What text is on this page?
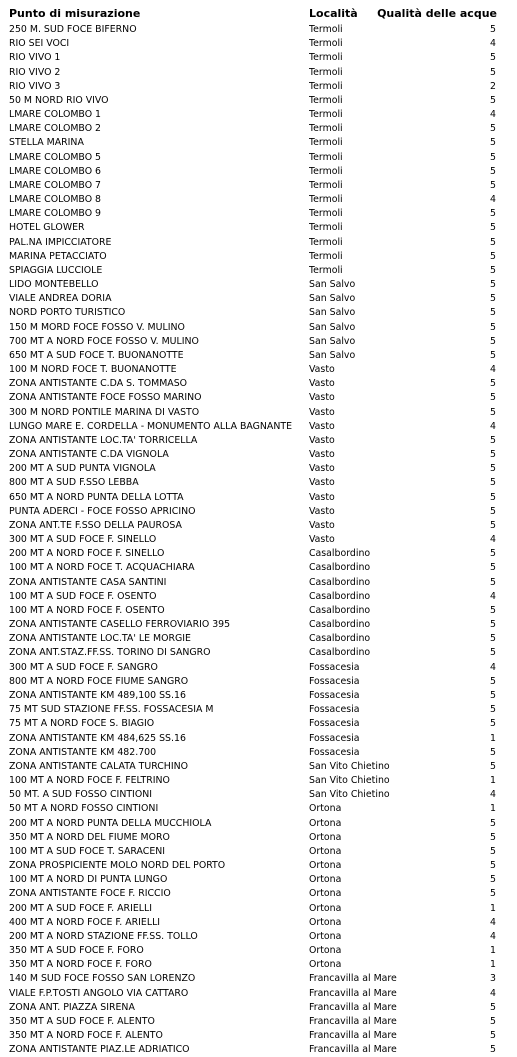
Punto di misurazione	Località	Qualità delle acque
250 M. SUD FOCE BIFERNO	Termoli	5
RIO SEI VOCI	Termoli	4
RIO VIVO 1	Termoli	5
RIO VIVO 2	Termoli	5
RIO VIVO 3	Termoli	2
50 M NORD RIO VIVO	Termoli	5
LMARE COLOMBO 1	Termoli	4
LMARE COLOMBO 2	Termoli	5
STELLA MARINA	Termoli	5
LMARE COLOMBO 5	Termoli	5
LMARE COLOMBO 6	Termoli	5
LMARE COLOMBO 7	Termoli	5
LMARE COLOMBO 8	Termoli	4
LMARE COLOMBO 9	Termoli	5
HOTEL GLOWER	Termoli	5
PAL.NA IMPICCIATORE	Termoli	5
MARINA PETACCIATO	Termoli	5
SPIAGGIA LUCCIOLE	Termoli	5
LIDO MONTEBELLO	San Salvo	5
VIALE ANDREA DORIA	San Salvo	5
NORD PORTO TURISTICO	San Salvo	5
150 M MORD FOCE FOSSO V. MULINO	San Salvo	5
700 MT A NORD FOCE FOSSO V. MULINO	San Salvo	5
650 MT A SUD FOCE T. BUONANOTTE	San Salvo	5
100 M NORD FOCE T. BUONANOTTE	Vasto	4
ZONA ANTISTANTE C.DA S. TOMMASO	Vasto	5
ZONA ANTISTANTE FOCE FOSSO MARINO	Vasto	5
300 M NORD PONTILE MARINA DI VASTO	Vasto	5
LUNGO MARE E. CORDELLA - MONUMENTO ALLA BAGNANTE	Vasto	4
ZONA ANTISTANTE LOC.TA' TORRICELLA	Vasto	5
ZONA ANTISTANTE C.DA VIGNOLA	Vasto	5
200 MT A SUD PUNTA VIGNOLA	Vasto	5
800 MT A SUD F.SSO LEBBA	Vasto	5
650 MT A NORD PUNTA DELLA LOTTA	Vasto	5
PUNTA ADERCI - FOCE FOSSO APRICINO	Vasto	5
ZONA ANT.TE F.SSO DELLA PAUROSA	Vasto	5
300 MT A SUD FOCE F. SINELLO	Vasto	4
200 MT A NORD FOCE F. SINELLO	Casalbordino	5
100 MT A NORD FOCE T. ACQUACHIARA	Casalbordino	5
ZONA ANTISTANTE CASA SANTINI	Casalbordino	5
100 MT A SUD FOCE F. OSENTO	Casalbordino	4
100 MT A NORD FOCE F. OSENTO	Casalbordino	5
ZONA ANTISTANTE CASELLO FERROVIARIO 395	Casalbordino	5
ZONA ANTISTANTE LOC.TA' LE MORGIE	Casalbordino	5
ZONA ANT.STAZ.FF.SS. TORINO DI SANGRO	Casalbordino	5
300 MT A SUD FOCE F. SANGRO	Fossacesia	4
800 MT A NORD FOCE FIUME SANGRO	Fossacesia	5
ZONA ANTISTANTE KM 489,100 SS.16	Fossacesia	5
75 MT SUD STAZIONE FF.SS. FOSSACESIA M	Fossacesia	5
75 MT A NORD FOCE S. BIAGIO	Fossacesia	5
ZONA ANTISTANTE KM 484,625 SS.16	Fossacesia	1
ZONA ANTISTANTE KM 482.700	Fossacesia	5
ZONA ANTISTANTE CALATA TURCHINO	San Vito Chietino	5
100 MT A NORD FOCE F. FELTRINO	San Vito Chietino	1
50 MT. A SUD FOSSO CINTIONI	San Vito Chietino	4
50 MT A NORD FOSSO CINTIONI	Ortona	1
200 MT A NORD PUNTA DELLA MUCCHIOLA	Ortona	5
350 MT A NORD DEL FIUME MORO	Ortona	5
100 MT A SUD FOCE T. SARACENI	Ortona	5
ZONA PROSPICIENTE MOLO NORD DEL PORTO	Ortona	5
100 MT A NORD DI PUNTA LUNGO	Ortona	5
ZONA ANTISTANTE FOCE F. RICCIO	Ortona	5
200 MT A SUD FOCE F. ARIELLI	Ortona	1
400 MT A NORD FOCE F. ARIELLI	Ortona	4
200 MT A NORD STAZIONE FF.SS. TOLLO	Ortona	4
350 MT A SUD FOCE F. FORO	Ortona	1
350 MT A NORD FOCE F. FORO	Ortona	1
140 M SUD FOCE FOSSO SAN LORENZO	Francavilla al Mare	3
VIALE F.P.TOSTI ANGOLO VIA CATTARO	Francavilla al Mare	4
ZONA ANT. PIAZZA SIRENA	Francavilla al Mare	5
350 MT A SUD FOCE F. ALENTO	Francavilla al Mare	5
350 MT A NORD FOCE F. ALENTO	Francavilla al Mare	5
ZONA ANTISTANTE PIAZ.LE ADRIATICO	Francavilla al Mare	5
